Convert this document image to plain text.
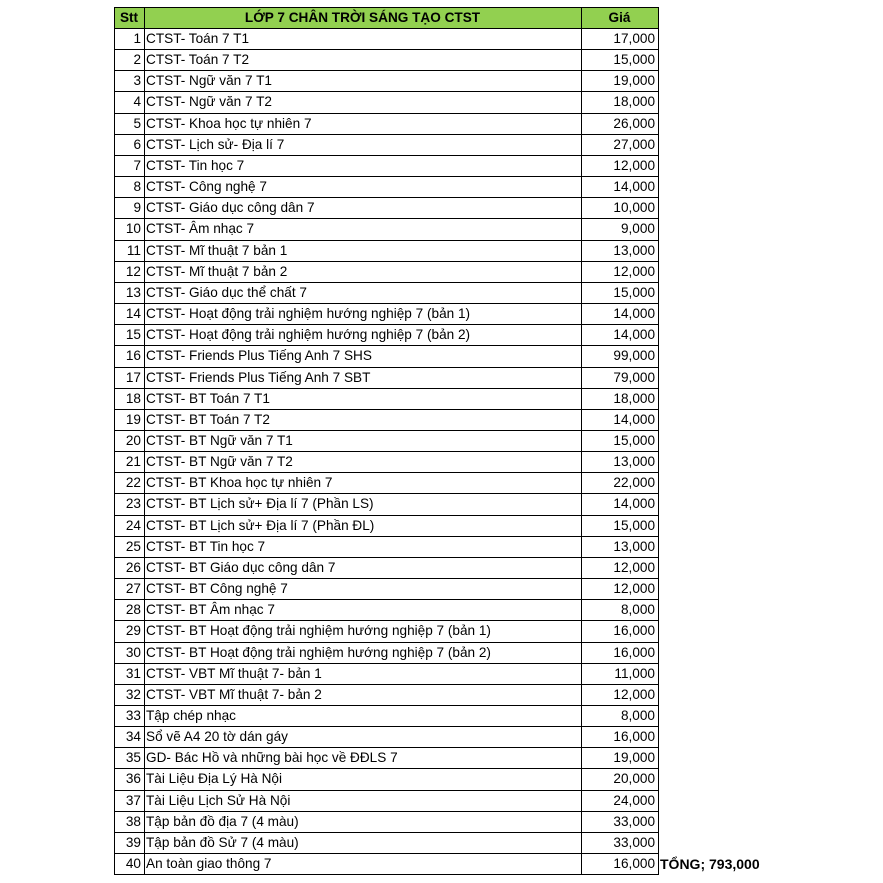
Stt	LỚP 7 CHÂN TRỜI SÁNG TẠO CTST	Giá
1	CTST- Toán 7 T1	17,000
2	CTST- Toán 7 T2	15,000
3	CTST- Ngữ văn 7 T1	19,000
4	CTST- Ngữ văn 7 T2	18,000
5	CTST- Khoa học tự nhiên 7	26,000
6	CTST- Lịch sử- Địa lí 7	27,000
7	CTST- Tin học 7	12,000
8	CTST- Công nghệ 7	14,000
9	CTST- Giáo dục công dân 7	10,000
10	CTST- Âm nhạc 7	9,000
11	CTST- Mĩ thuật 7 bản 1	13,000
12	CTST- Mĩ thuật 7 bản 2	12,000
13	CTST- Giáo dục thể chất 7	15,000
14	CTST- Hoạt động trải nghiệm hướng nghiệp 7 (bản 1)	14,000
15	CTST- Hoạt động trải nghiệm hướng nghiệp 7 (bản 2)	14,000
16	CTST- Friends Plus Tiếng Anh 7 SHS	99,000
17	CTST- Friends Plus Tiếng Anh 7 SBT	79,000
18	CTST- BT Toán 7 T1	18,000
19	CTST- BT Toán 7 T2	14,000
20	CTST- BT Ngữ văn 7 T1	15,000
21	CTST- BT Ngữ văn 7 T2	13,000
22	CTST- BT Khoa học tự nhiên 7	22,000
23	CTST- BT Lịch sử+ Địa lí 7 (Phần LS)	14,000
24	CTST- BT Lịch sử+ Địa lí 7 (Phần ĐL)	15,000
25	CTST- BT Tin học 7	13,000
26	CTST- BT Giáo dục công dân 7	12,000
27	CTST- BT Công nghệ 7	12,000
28	CTST- BT Âm nhạc 7	8,000
29	CTST- BT Hoạt động trải nghiệm hướng nghiệp 7 (bản 1)	16,000
30	CTST- BT Hoạt động trải nghiệm hướng nghiệp 7 (bản 2)	16,000
31	CTST- VBT Mĩ thuật 7- bản 1	11,000
32	CTST- VBT Mĩ thuật 7- bản 2	12,000
33	Tập chép nhạc	8,000
34	Sổ vẽ A4 20 tờ dán gáy	16,000
35	GD- Bác Hồ và những bài học về ĐĐLS 7	19,000
36	Tài Liệu Địa Lý Hà Nội	20,000
37	Tài Liệu Lịch Sử Hà Nội	24,000
38	Tập bản đồ địa 7 (4 màu)	33,000
39	Tập bản đồ Sử 7 (4 màu)	33,000
40	An toàn giao thông 7	16,000 TỔNG; 793,000
